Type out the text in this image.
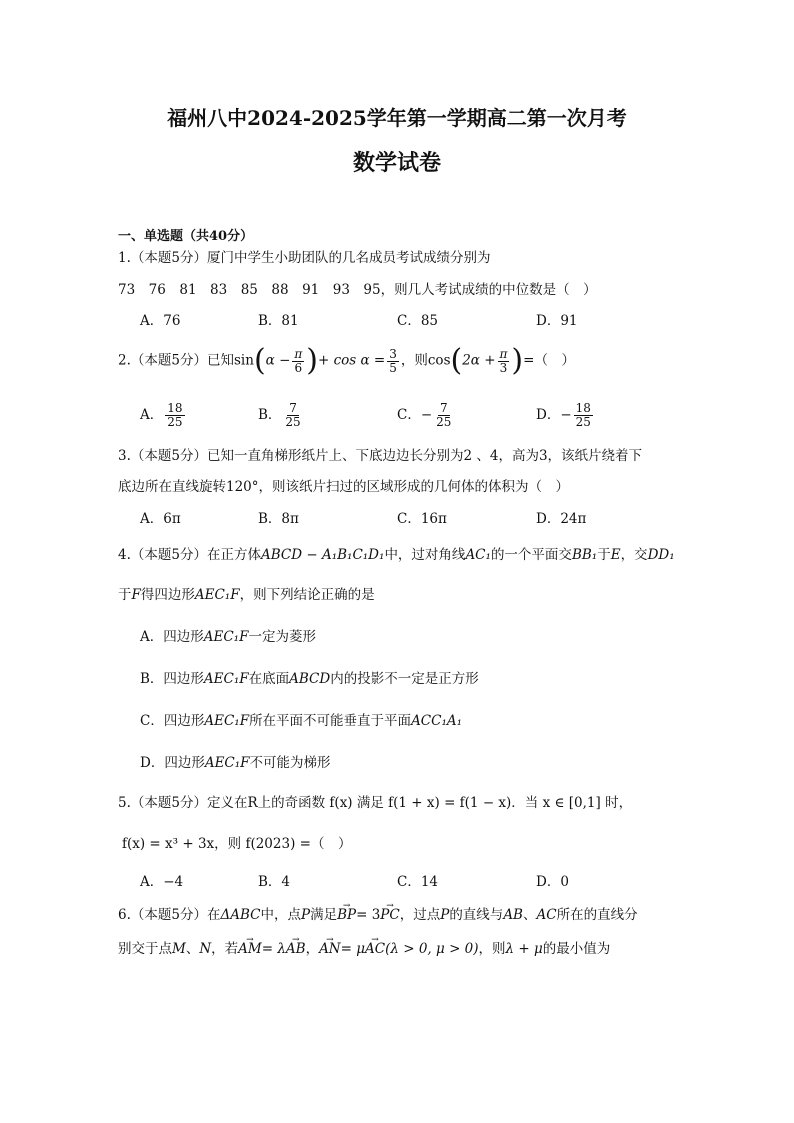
福州八中2024-2025学年第一学期高二第一次月考
数学试卷
一、单选题（共40分）
1.（本题5分）厦门中学生小助团队的几名成员考试成绩分别为
73　76　81　83　85　88　91　93　95，则几人考试成绩的中位数是（　）
A．76	B．81	C．85	D．91
2.（本题5分）已知$\sin(\alpha - \frac{\pi}{6}$ )+ $\cos \alpha = \frac{3}{5}$ ，则$\cos(2\alpha + \frac{\pi}{3}$ )=（　）
A． $\frac{18}{25}$	B． $\frac{7}{25}$	C．− $\frac{7}{25}$	D．− $\frac{18}{25}$
3.（本题5分）已知一直角梯形纸片上、下底边边长分别为2 、4，高为3，该纸片绕着下
底边所在直线旋转120°，则该纸片扫过的区域形成的几何体的体积为（　）
A．6π	B．8π	C．16π	D．24π
4.（本题5分）在正方体ABCD − A₁B₁C₁D₁中，过对角线AC₁的一个平面交BB₁于E，交DD₁
于F得四边形AEC₁F，则下列结论正确的是
A．四边形AEC₁F一定为菱形
B．四边形AEC₁F在底面ABCD内的投影不一定是正方形
C．四边形AEC₁F所在平面不可能垂直于平面ACC₁A₁
D．四边形AEC₁F不可能为梯形
5.（本题5分）定义在R上的奇函数 f(x) 满足 f(1 + x) = f(1 − x)．当 x ∈ [0,1] 时，
f(x) = x³ + 3x，则 f(2023) =（　）
A．−4	B．4	C．14	D．0
6.（本题5分）在ΔABC中，点P满足→ BP= 3→ PC，过点P的直线与AB、AC所在的直线分
别交于点M、N，若→ AM= λ→ AB，→ AN= μ→ AC(λ > 0, μ > 0)，则λ + μ的最小值为
